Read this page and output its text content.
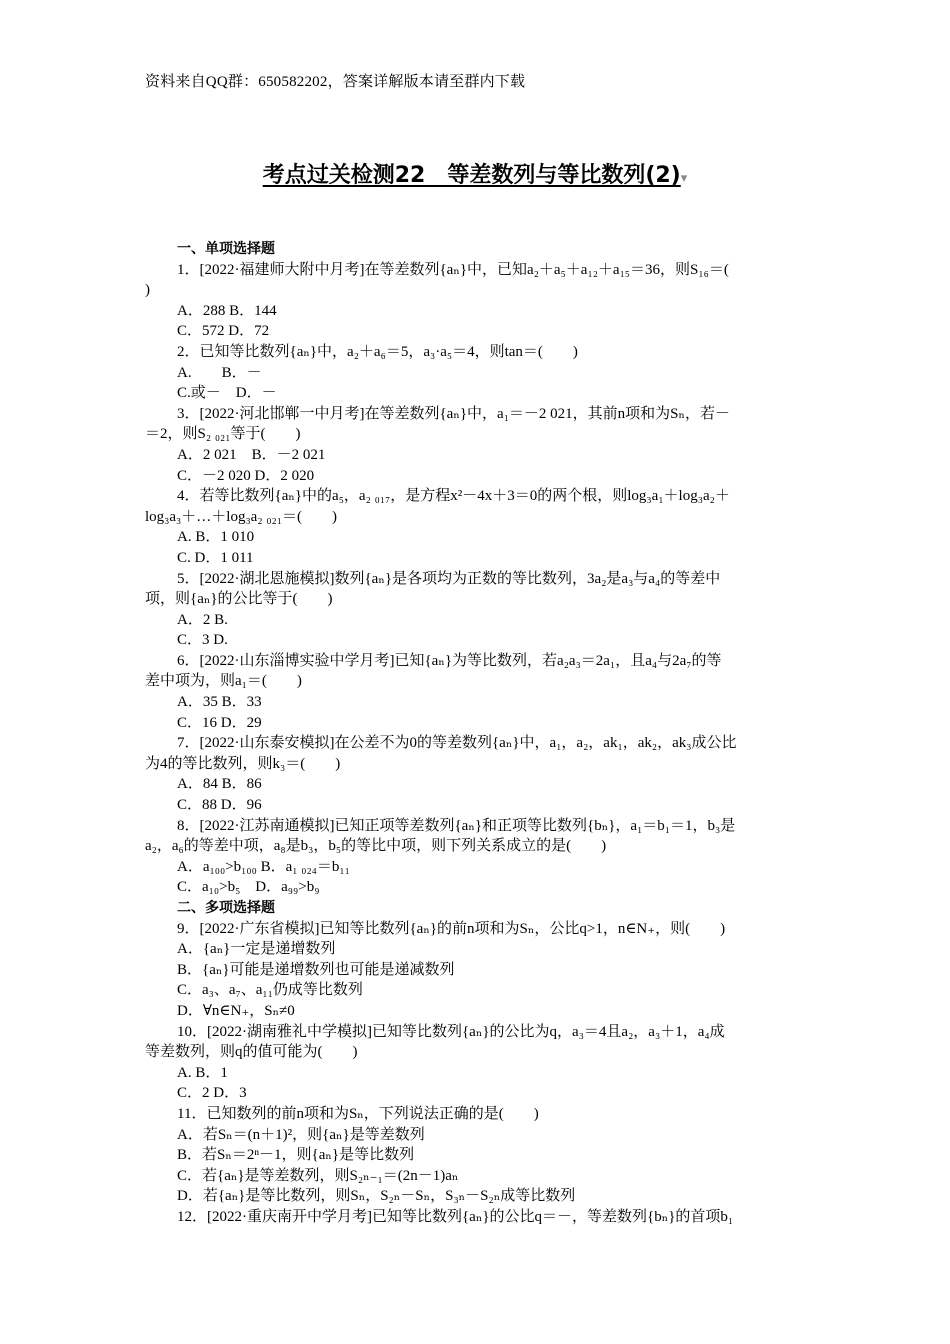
资料来自QQ群：650582202，答案详解版本请至群内下载
考点过关检测22　等差数列与等比数列(2)▾
一、单项选择题
1．[2022·福建师大附中月考]在等差数列{aₙ}中，已知a₂＋a₅＋a₁₂＋a₁₅＝36，则S₁₆＝(
)
A．288 B．144
C．572 D．72
2．已知等比数列{aₙ}中，a₂＋a₆＝5，a₃·a₅＝4，则tan＝(　　)
A.　　B．－
C.或－　D．－
3．[2022·河北邯郸一中月考]在等差数列{aₙ}中，a₁＝－2 021，其前n项和为Sₙ，若－
＝2，则S₂ ₀₂₁等于(　　)
A．2 021　B．－2 021
C．－2 020 D．2 020
4．若等比数列{aₙ}中的a₅，a₂ ₀₁₇，是方程x²－4x＋3＝0的两个根，则log₃a₁＋log₃a₂＋
log₃a₃＋…＋log₃a₂ ₀₂₁＝(　　)
A. B．1 010
C. D．1 011
5．[2022·湖北恩施模拟]数列{aₙ}是各项均为正数的等比数列，3a₂是a₃与a₄的等差中
项，则{aₙ}的公比等于(　　)
A．2 B.
C．3 D.
6．[2022·山东淄博实验中学月考]已知{aₙ}为等比数列，若a₂a₃＝2a₁，且a₄与2a₇的等
差中项为，则a₁＝(　　)
A．35 B．33
C．16 D．29
7．[2022·山东泰安模拟]在公差不为0的等差数列{aₙ}中，a₁，a₂，ak₁，ak₂，ak₃成公比
为4的等比数列，则k₃＝(　　)
A．84 B．86
C．88 D．96
8．[2022·江苏南通模拟]已知正项等差数列{aₙ}和正项等比数列{bₙ}，a₁＝b₁＝1，b₃是
a₂，a₆的等差中项，a₈是b₃，b₅的等比中项，则下列关系成立的是(　　)
A．a₁₀₀>b₁₀₀ B．a₁ ₀₂₄＝b₁₁
C．a₁₀>b₅　D．a₉₉>b₉
二、多项选择题
9．[2022·广东省模拟]已知等比数列{aₙ}的前n项和为Sₙ，公比q>1，n∈N₊，则(　　)
A．{aₙ}一定是递增数列
B．{aₙ}可能是递增数列也可能是递减数列
C．a₃、a₇、a₁₁仍成等比数列
D．∀n∈N₊，Sₙ≠0
10．[2022·湖南雅礼中学模拟]已知等比数列{aₙ}的公比为q，a₃＝4且a₂，a₃＋1，a₄成
等差数列，则q的值可能为(　　)
A. B．1
C．2 D．3
11．已知数列的前n项和为Sₙ，下列说法正确的是(　　)
A．若Sₙ＝(n＋1)²，则{aₙ}是等差数列
B．若Sₙ＝2ⁿ－1，则{aₙ}是等比数列
C．若{aₙ}是等差数列，则S₂ₙ₋₁＝(2n－1)aₙ
D．若{aₙ}是等比数列，则Sₙ，S₂ₙ－Sₙ，S₃ₙ－S₂ₙ成等比数列
12．[2022·重庆南开中学月考]已知等比数列{aₙ}的公比q＝－，等差数列{bₙ}的首项b₁
